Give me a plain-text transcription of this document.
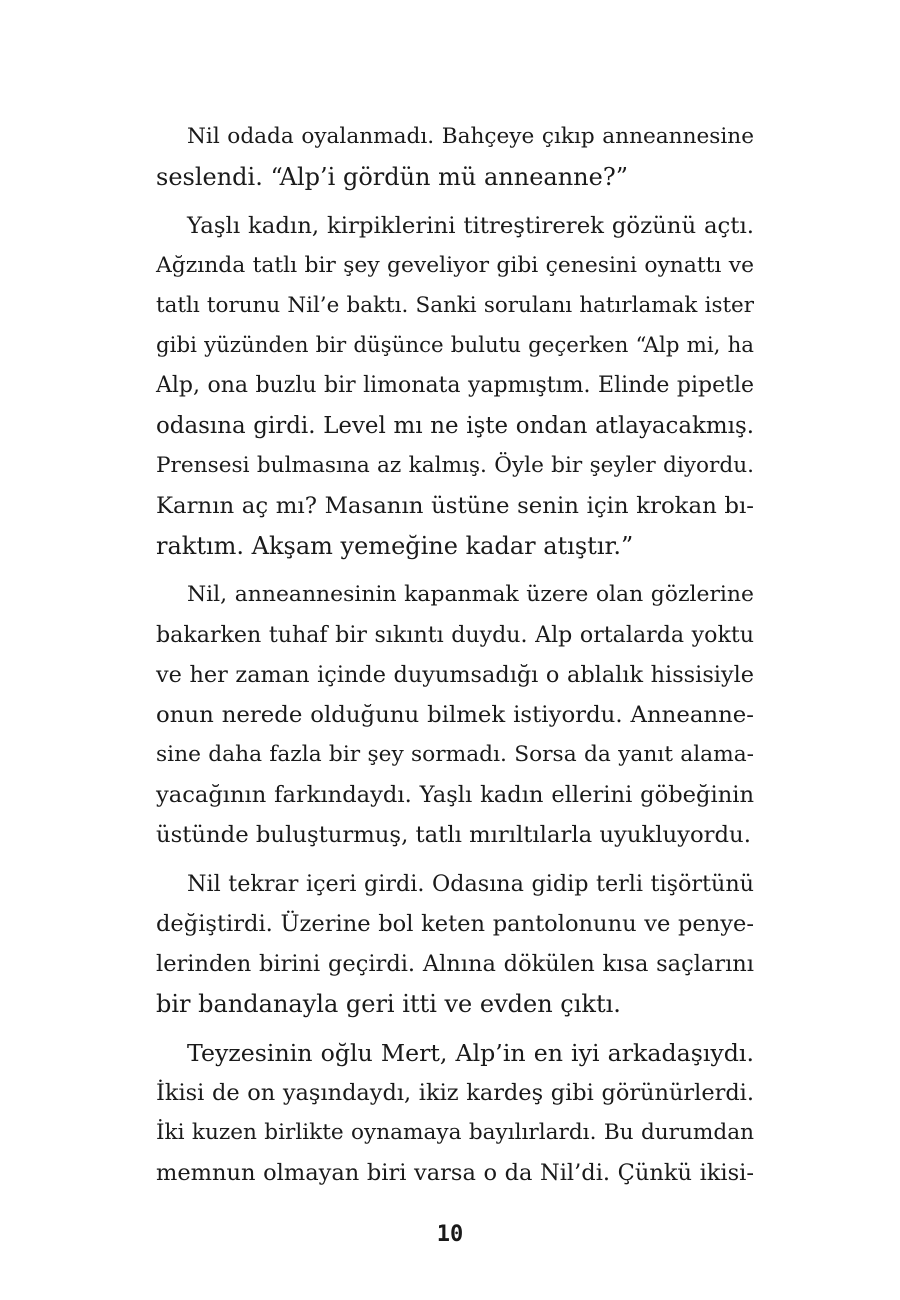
Nil odada oyalanmadı. Bahçeye çıkıp anneannesine
seslendi. “Alp’i gördün mü anneanne?”
Yaşlı kadın, kirpiklerini titreştirerek gözünü açtı.
Ağzında tatlı bir şey geveliyor gibi çenesini oynattı ve
tatlı torunu Nil’e baktı. Sanki sorulanı hatırlamak ister
gibi yüzünden bir düşünce bulutu geçerken “Alp mi, ha
Alp, ona buzlu bir limonata yapmıştım. Elinde pipetle
odasına girdi. Level mı ne işte ondan atlayacakmış.
Prensesi bulmasına az kalmış. Öyle bir şeyler diyordu.
Karnın aç mı? Masanın üstüne senin için krokan bı-
raktım. Akşam yemeğine kadar atıştır.”
Nil, anneannesinin kapanmak üzere olan gözlerine
bakarken tuhaf bir sıkıntı duydu. Alp ortalarda yoktu
ve her zaman içinde duyumsadığı o ablalık hissisiyle
onun nerede olduğunu bilmek istiyordu. Anneanne-
sine daha fazla bir şey sormadı. Sorsa da yanıt alama-
yacağının farkındaydı. Yaşlı kadın ellerini göbeğinin
üstünde buluşturmuş, tatlı mırıltılarla uyukluyordu.
Nil tekrar içeri girdi. Odasına gidip terli tişörtünü
değiştirdi. Üzerine bol keten pantolonunu ve penye-
lerinden birini geçirdi. Alnına dökülen kısa saçlarını
bir bandanayla geri itti ve evden çıktı.
Teyzesinin oğlu Mert, Alp’in en iyi arkadaşıydı.
İkisi de on yaşındaydı, ikiz kardeş gibi görünürlerdi.
İki kuzen birlikte oynamaya bayılırlardı. Bu durumdan
memnun olmayan biri varsa o da Nil’di. Çünkü ikisi-
10
